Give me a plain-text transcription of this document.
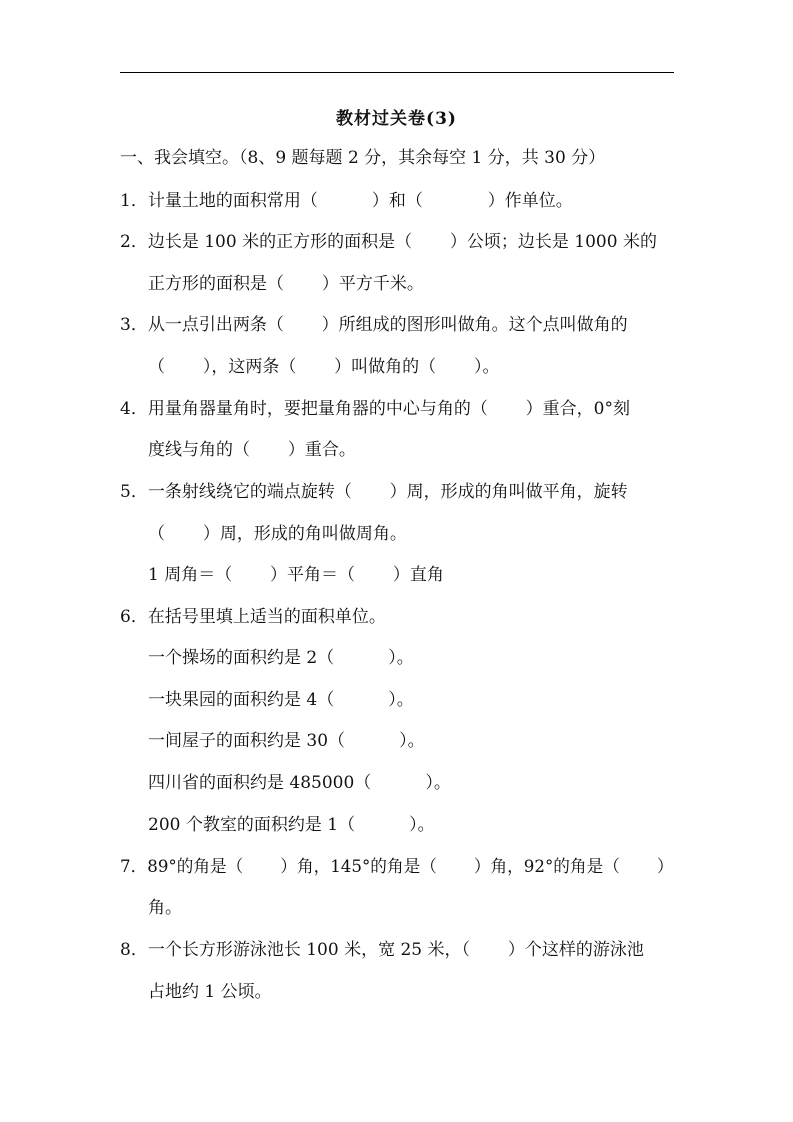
教材过关卷(3)
一、我会填空。（8、9 题每题 2 分，其余每空 1 分，共 30 分）
1．计量土地的面积常用（          ）和（            ）作单位。
2．边长是 100 米的正方形的面积是（       ）公顷；边长是 1000 米的
正方形的面积是（       ）平方千米。
3．从一点引出两条（       ）所组成的图形叫做角。这个点叫做角的
（       ），这两条（       ）叫做角的（       ）。
4．用量角器量角时，要把量角器的中心与角的（       ）重合，0°刻
度线与角的（       ）重合。
5．一条射线绕它的端点旋转（       ）周，形成的角叫做平角，旋转
（       ）周，形成的角叫做周角。
1 周角＝（       ）平角＝（       ）直角
6．在括号里填上适当的面积单位。
一个操场的面积约是 2（          ）。
一块果园的面积约是 4（          ）。
一间屋子的面积约是 30（          ）。
四川省的面积约是 485000（          ）。
200 个教室的面积约是 1（          ）。
7．89°的角是（       ）角，145°的角是（       ）角，92°的角是（       ）
角。
8．一个长方形游泳池长 100 米，宽 25 米，（       ）个这样的游泳池
占地约 1 公顷。
